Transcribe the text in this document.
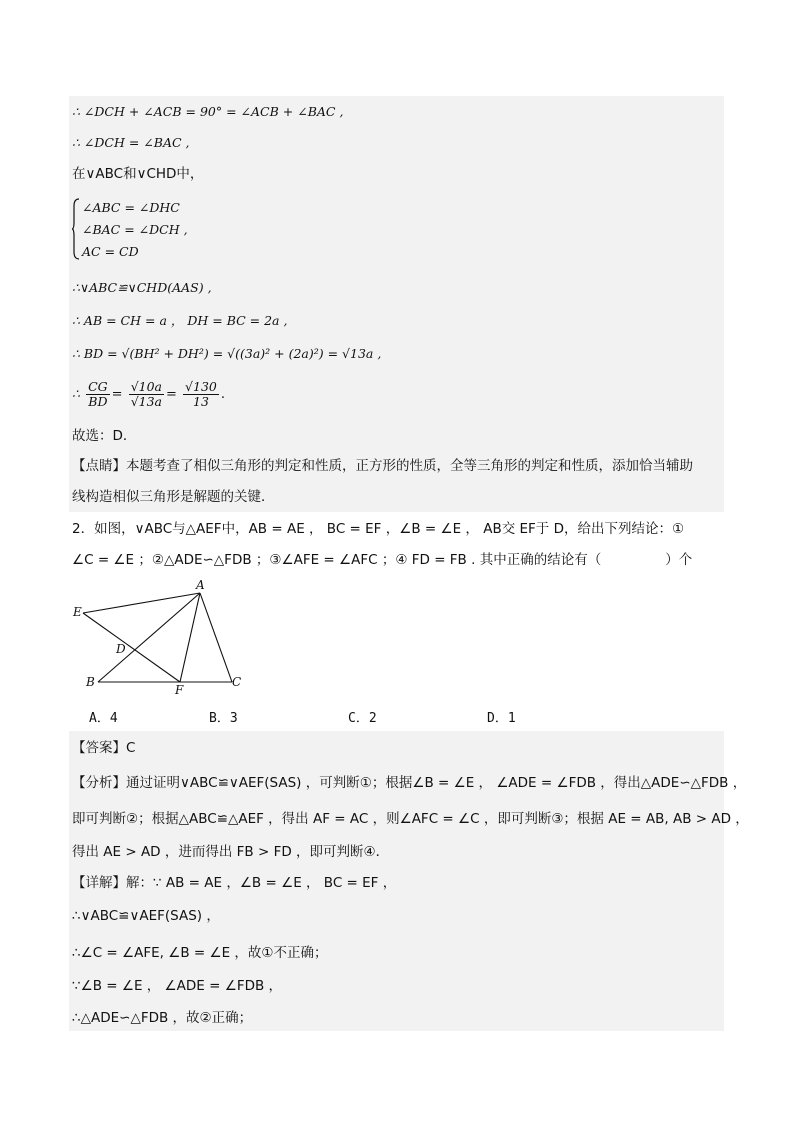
∴ ∠DCH + ∠ACB = 90° = ∠ACB + ∠BAC ,
∴ ∠DCH = ∠BAC ,
在∨ABC和∨CHD中，
∠ABC = ∠DHC
∠BAC = ∠DCH ,
AC = CD
∴∨ABC≌∨CHD(AAS) ,
∴ AB = CH = a ， DH = BC = 2a ,
∴ BD = √(BH² + DH²) = √((3a)² + (2a)²) = √13a ,
∴ $\frac{CG}{BD} = \frac{√10a}{√13a} = \frac{√130}{13}$ .
故选：D．
【点睛】本题考查了相似三角形的判定和性质，正方形的性质，全等三角形的判定和性质，添加恰当辅助
线构造相似三角形是解题的关键．
2．如图，∨ABC与△AEF中，AB = AE ， BC = EF ，∠B = ∠E ， AB交 EF于 D，给出下列结论：①
∠C = ∠E ；②△ADE∽△FDB ；③∠AFE = ∠AFC ；④ FD = FB . 其中正确的结论有（	）个
A
E
D
B
F
C
A．4	B．3	C．2	D．1
【答案】C
【分析】通过证明∨ABC≌∨AEF(SAS) ，可判断①；根据∠B = ∠E ， ∠ADE = ∠FDB ，得出△ADE∽△FDB ，
即可判断②；根据△ABC≌△AEF ，得出 AF = AC ，则∠AFC = ∠C ，即可判断③；根据 AE = AB, AB > AD ，
得出 AE > AD ，进而得出 FB > FD ，即可判断④．
【详解】解：∵ AB = AE ，∠B = ∠E ， BC = EF ，
∴∨ABC≌∨AEF(SAS) ，
∴∠C = ∠AFE, ∠B = ∠E ，故①不正确；
∵∠B = ∠E ， ∠ADE = ∠FDB ，
∴△ADE∽△FDB ，故②正确；
